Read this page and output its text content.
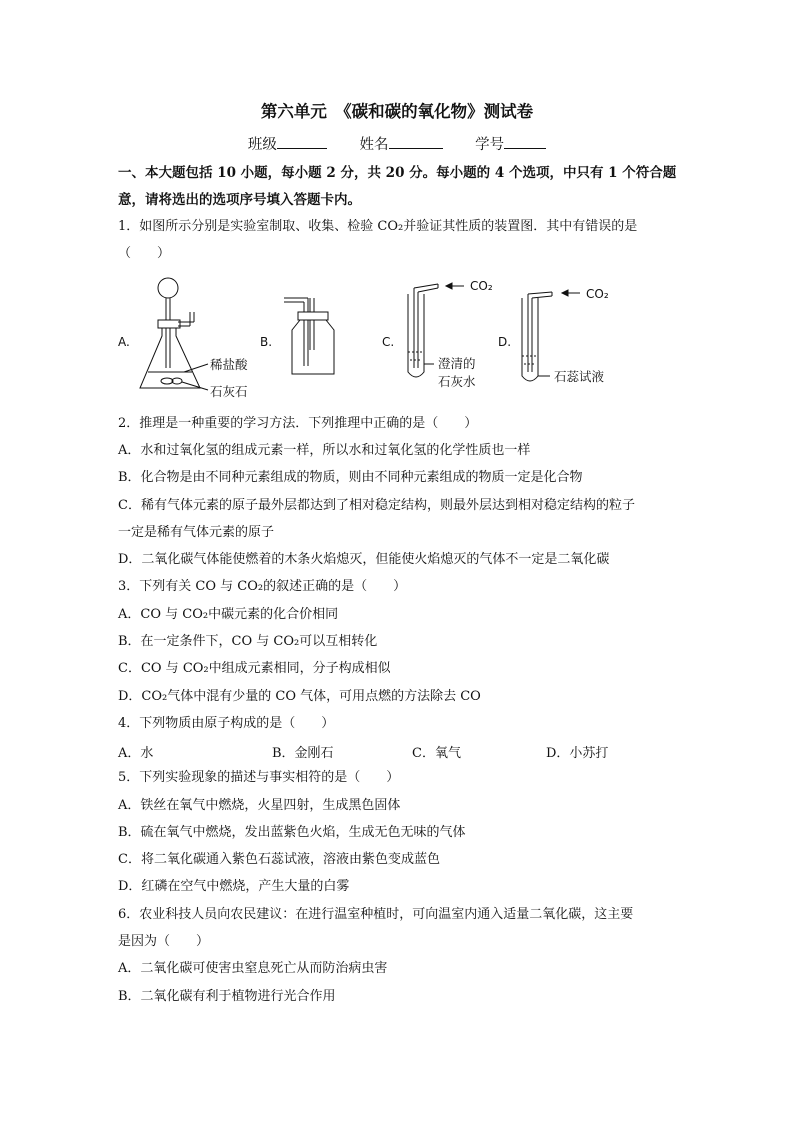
第六单元　《碳和碳的氧化物》测试卷
班级	姓名	学号
一、本大题包括 10 小题，每小题 2 分，共 20 分。每小题的 4 个选项，中只有 1 个符合题
意，请将选出的选项序号填入答题卡内。
1．如图所示分别是实验室制取、收集、检验 CO₂并验证其性质的装置图．其中有错误的是
（　　）
A.
稀盐酸
石灰石
B.	C.
CO₂
澄清的
石灰水
D.
CO₂
石蕊试液
2．推理是一种重要的学习方法．下列推理中正确的是（　　）
A．水和过氧化氢的组成元素一样，所以水和过氧化氢的化学性质也一样
B．化合物是由不同种元素组成的物质，则由不同种元素组成的物质一定是化合物
C．稀有气体元素的原子最外层都达到了相对稳定结构，则最外层达到相对稳定结构的粒子
一定是稀有气体元素的原子
D．二氧化碳气体能使燃着的木条火焰熄灭，但能使火焰熄灭的气体不一定是二氧化碳
3．下列有关 CO 与 CO₂的叙述正确的是（　　）
A．CO 与 CO₂中碳元素的化合价相同
B．在一定条件下，CO 与 CO₂可以互相转化
C．CO 与 CO₂中组成元素相同，分子构成相似
D．CO₂气体中混有少量的 CO 气体，可用点燃的方法除去 CO
4．下列物质由原子构成的是（　　）
A．水	B．金刚石	C．氧气	D．小苏打
5．下列实验现象的描述与事实相符的是（　　）
A．铁丝在氧气中燃烧，火星四射，生成黑色固体
B．硫在氧气中燃烧，发出蓝紫色火焰，生成无色无味的气体
C．将二氧化碳通入紫色石蕊试液，溶液由紫色变成蓝色
D．红磷在空气中燃烧，产生大量的白雾
6．农业科技人员向农民建议：在进行温室种植时，可向温室内通入适量二氧化碳，这主要
是因为（　　）
A．二氧化碳可使害虫窒息死亡从而防治病虫害
B．二氧化碳有利于植物进行光合作用
